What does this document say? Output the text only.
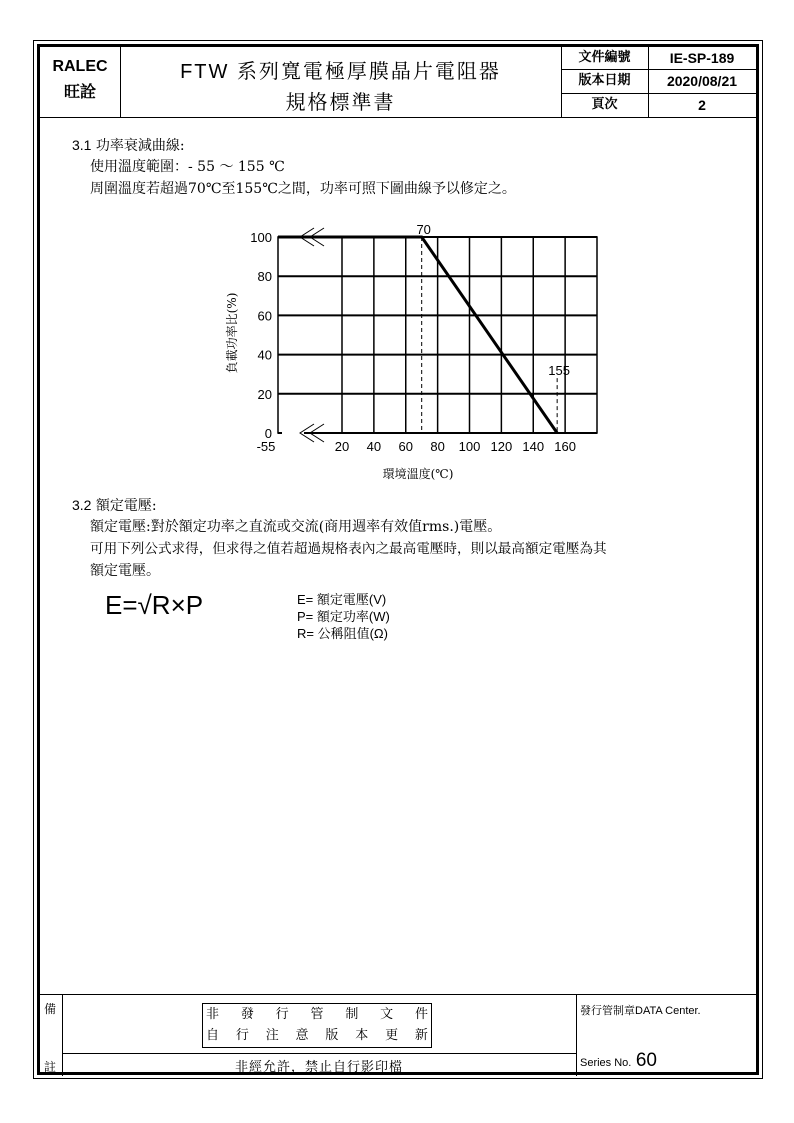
RALEC
旺詮
FTW 系列寬電極厚膜晶片電阻器
規格標準書
文件編號	IE-SP-189
版本日期	2020/08/21
頁次	2
3.1 功率衰減曲線:
使用溫度範圍：- 55 ～ 155 ℃
周圍溫度若超過70℃至155℃之間，功率可照下圖曲線予以修定之。
0
20
40
60
80
100
-55	20 40 60 80 100 120 140 160
70
155
負載功率比(%)
環境溫度(℃)
3.2 額定電壓:
額定電壓:對於額定功率之直流或交流(商用週率有效值rms.)電壓。
可用下列公式求得，但求得之值若超過規格表內之最高電壓時，則以最高額定電壓為其
額定電壓。
E=√R×P	E= 額定電壓(V)
P= 額定功率(W)
R= 公稱阻值(Ω)
備
註
非 發 行 管 制 文 件
自 行 注 意 版 本 更 新
非經允許，禁止自行影印檔
發行管制章DATA Center.
Series No. 60
